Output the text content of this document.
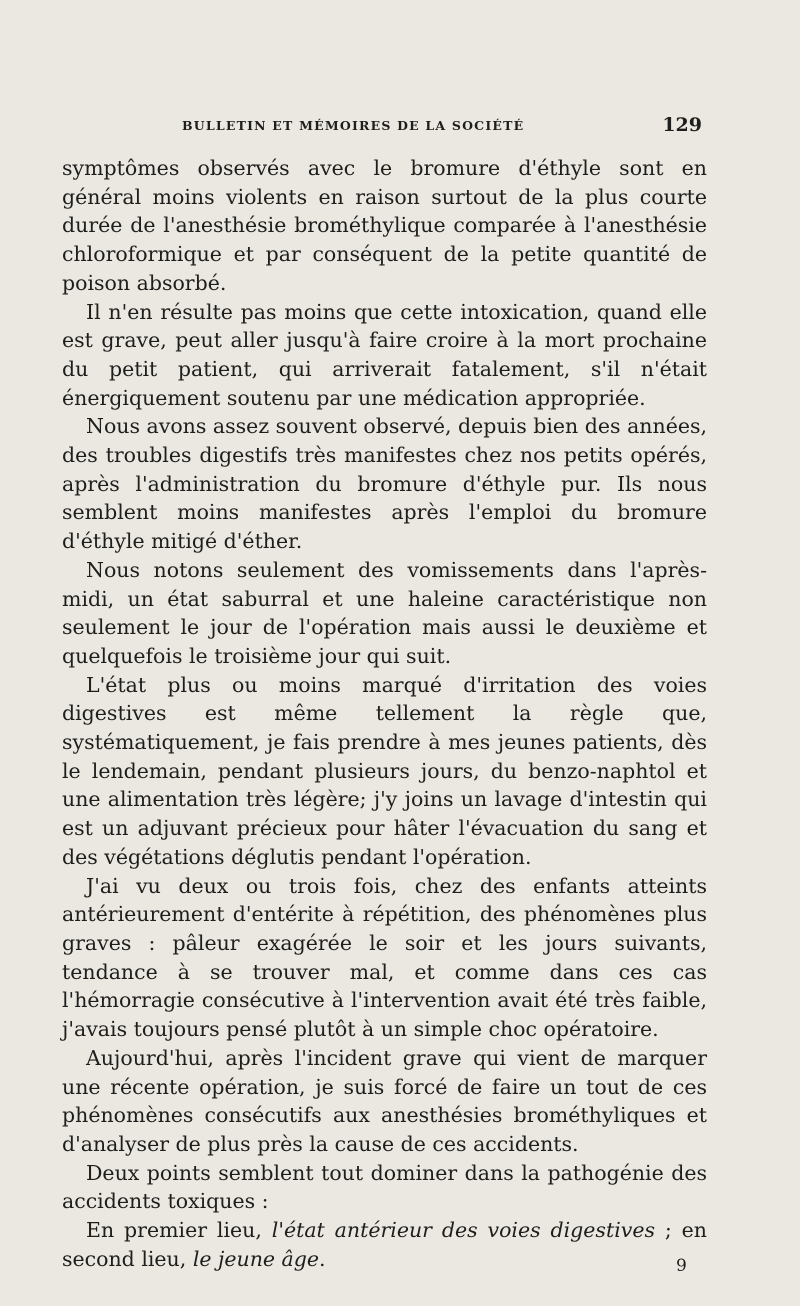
BULLETIN ET MÉMOIRES DE LA SOCIÉTÉ	129

symptômes observés avec le bromure d'éthyle sont en général moins violents en raison surtout de la plus courte durée de l'anesthésie brométhylique comparée à l'anesthésie chloroformique et par conséquent de la petite quantité de poison absorbé.

Il n'en résulte pas moins que cette intoxication, quand elle est grave, peut aller jusqu'à faire croire à la mort prochaine du petit patient, qui arriverait fatalement, s'il n'était énergiquement soutenu par une médication appropriée.

Nous avons assez souvent observé, depuis bien des années, des troubles digestifs très manifestes chez nos petits opérés, après l'administration du bromure d'éthyle pur. Ils nous semblent moins manifestes après l'emploi du bromure d'éthyle mitigé d'éther.

Nous notons seulement des vomissements dans l'après-midi, un état saburral et une haleine caractéristique non seulement le jour de l'opération mais aussi le deuxième et quelquefois le troisième jour qui suit.

L'état plus ou moins marqué d'irritation des voies digestives est même tellement la règle que, systématiquement, je fais prendre à mes jeunes patients, dès le lendemain, pendant plusieurs jours, du benzo-naphtol et une alimentation très légère; j'y joins un lavage d'intestin qui est un adjuvant précieux pour hâter l'évacuation du sang et des végétations déglutis pendant l'opération.

J'ai vu deux ou trois fois, chez des enfants atteints antérieurement d'entérite à répétition, des phénomènes plus graves : pâleur exagérée le soir et les jours suivants, tendance à se trouver mal, et comme dans ces cas l'hémorragie consécutive à l'intervention avait été très faible, j'avais toujours pensé plutôt à un simple choc opératoire.

Aujourd'hui, après l'incident grave qui vient de marquer une récente opération, je suis forcé de faire un tout de ces phénomènes consécutifs aux anesthésies brométhyliques et d'analyser de plus près la cause de ces accidents.

Deux points semblent tout dominer dans la pathogénie des accidents toxiques :

En premier lieu, l'état antérieur des voies digestives ; en second lieu, le jeune âge.	9
